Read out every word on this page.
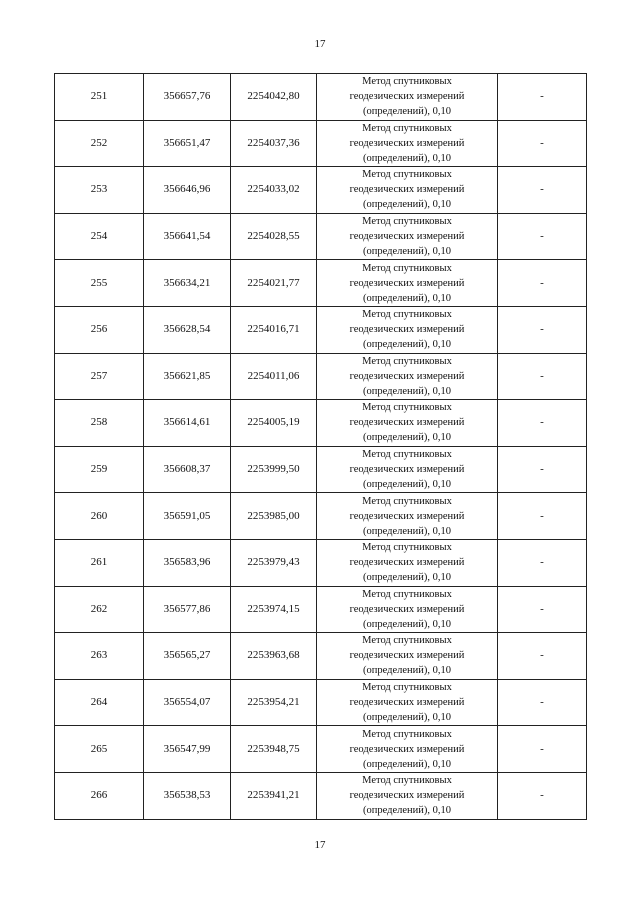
17
251	356657,76	2254042,80	Метод спутниковых
геодезических измерений
(определений), 0,10	-
252	356651,47	2254037,36	Метод спутниковых
геодезических измерений
(определений), 0,10	-
253	356646,96	2254033,02	Метод спутниковых
геодезических измерений
(определений), 0,10	-
254	356641,54	2254028,55	Метод спутниковых
геодезических измерений
(определений), 0,10	-
255	356634,21	2254021,77	Метод спутниковых
геодезических измерений
(определений), 0,10	-
256	356628,54	2254016,71	Метод спутниковых
геодезических измерений
(определений), 0,10	-
257	356621,85	2254011,06	Метод спутниковых
геодезических измерений
(определений), 0,10	-
258	356614,61	2254005,19	Метод спутниковых
геодезических измерений
(определений), 0,10	-
259	356608,37	2253999,50	Метод спутниковых
геодезических измерений
(определений), 0,10	-
260	356591,05	2253985,00	Метод спутниковых
геодезических измерений
(определений), 0,10	-
261	356583,96	2253979,43	Метод спутниковых
геодезических измерений
(определений), 0,10	-
262	356577,86	2253974,15	Метод спутниковых
геодезических измерений
(определений), 0,10	-
263	356565,27	2253963,68	Метод спутниковых
геодезических измерений
(определений), 0,10	-
264	356554,07	2253954,21	Метод спутниковых
геодезических измерений
(определений), 0,10	-
265	356547,99	2253948,75	Метод спутниковых
геодезических измерений
(определений), 0,10	-
266	356538,53	2253941,21	Метод спутниковых
геодезических измерений
(определений), 0,10	-
17
